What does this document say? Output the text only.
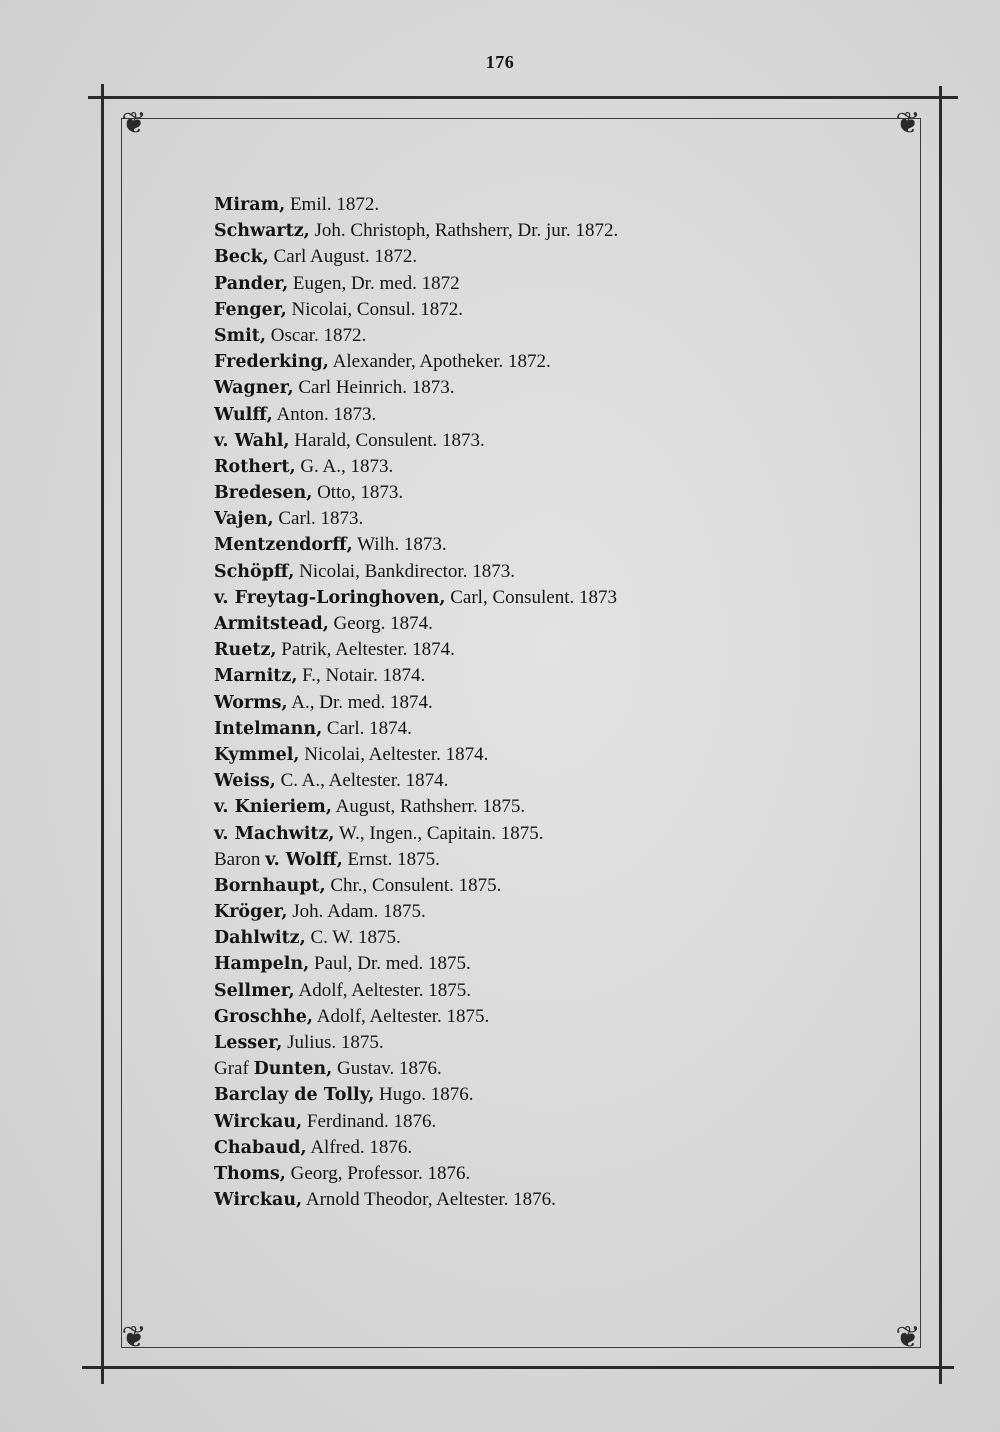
176
❦	❦
❦	❦
Miram, Emil. 1872.
Schwartz, Joh. Christoph, Rathsherr, Dr. jur. 1872.
Beck, Carl August. 1872.
Pander, Eugen, Dr. med. 1872
Fenger, Nicolai, Consul. 1872.
Smit, Oscar. 1872.
Frederking, Alexander, Apotheker. 1872.
Wagner, Carl Heinrich. 1873.
Wulff, Anton. 1873.
v. Wahl, Harald, Consulent. 1873.
Rothert, G. A., 1873.
Bredesen, Otto, 1873.
Vajen, Carl. 1873.
Mentzendorff, Wilh. 1873.
Schöpff, Nicolai, Bankdirector. 1873.
v. Freytag-Loringhoven, Carl, Consulent. 1873
Armitstead, Georg. 1874.
Ruetz, Patrik, Aeltester. 1874.
Marnitz, F., Notair. 1874.
Worms, A., Dr. med. 1874.
Intelmann, Carl. 1874.
Kymmel, Nicolai, Aeltester. 1874.
Weiss, C. A., Aeltester. 1874.
v. Knieriem, August, Rathsherr. 1875.
v. Machwitz, W., Ingen., Capitain. 1875.
Baron v. Wolff, Ernst. 1875.
Bornhaupt, Chr., Consulent. 1875.
Kröger, Joh. Adam. 1875.
Dahlwitz, C. W. 1875.
Hampeln, Paul, Dr. med. 1875.
Sellmer, Adolf, Aeltester. 1875.
Groschhe, Adolf, Aeltester. 1875.
Lesser, Julius. 1875.
Graf Dunten, Gustav. 1876.
Barclay de Tolly, Hugo. 1876.
Wirckau, Ferdinand. 1876.
Chabaud, Alfred. 1876.
Thoms, Georg, Professor. 1876.
Wirckau, Arnold Theodor, Aeltester. 1876.
